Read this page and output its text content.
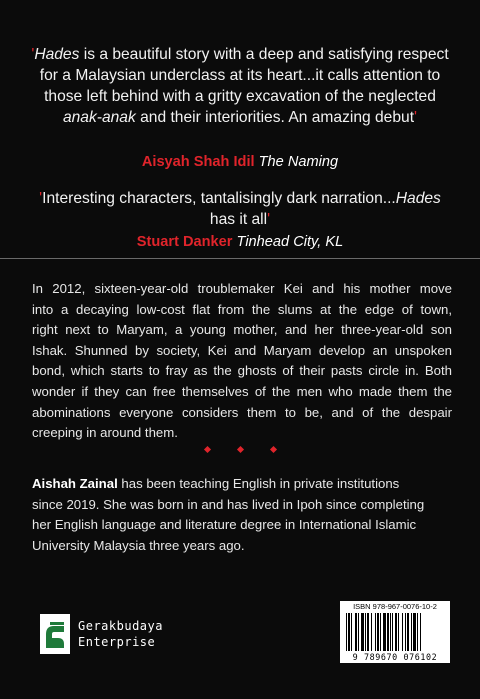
'Hades is a beautiful story with a deep and satisfying respect for a Malaysian underclass at its heart...it calls attention to those left behind with a gritty excavation of the neglected anak-anak and their interiorities. An amazing debut'
Aisyah Shah Idil The Naming
'Interesting characters, tantalisingly dark narration...Hades has it all'
Stuart Danker Tinhead City, KL
In 2012, sixteen-year-old troublemaker Kei and his mother move
into a decaying low-cost flat from the slums at the edge of town,
right next to Maryam, a young mother, and her three-year-old son
Ishak. Shunned by society, Kei and Maryam develop an unspoken
bond, which starts to fray as the ghosts of their pasts circle in. Both
wonder if they can free themselves of the men who made them the
abominations everyone considers them to be, and of the despair
creeping in around them.

Aishah Zainal has been teaching English in private institutions
since 2019. She was born in and has lived in Ipoh since completing
her English language and literature degree in International Islamic
University Malaysia three years ago.
Gerakbudaya
Enterprise
ISBN 978-967-0076-10-2
9 789670 076102
